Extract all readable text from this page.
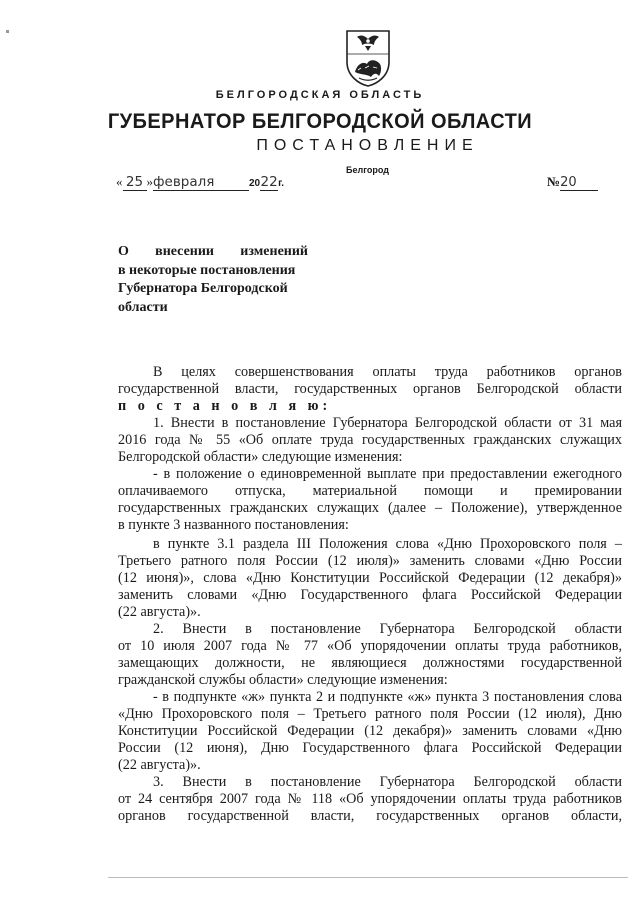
БЕЛГОРОДСКАЯ ОБЛАСТЬ
ГУБЕРНАТОР БЕЛГОРОДСКОЙ ОБЛАСТИ
ПОСТАНОВЛЕНИЕ
Белгород
« 25 »февраля	2022г.	№20
О внесении изменений
в некоторые постановления
Губернатора Белгородской
области
В целях совершенствования оплаты труда работников органов
государственной власти, государственных органов Белгородской области
п о с т а н о в л я ю:
1. Внести в постановление Губернатора Белгородской области от 31 мая
2016 года № 55 «Об оплате труда государственных гражданских служащих
Белгородской области» следующие изменения:
- в положение о единовременной выплате при предоставлении ежегодного
оплачиваемого отпуска, материальной помощи и премировании
государственных гражданских служащих (далее – Положение), утвержденное
в пункте 3 названного постановления:
в пункте 3.1 раздела III Положения слова «Дню Прохоровского поля –
Третьего ратного поля России (12 июля)» заменить словами «Дню России
(12 июня)», слова «Дню Конституции Российской Федерации (12 декабря)»
заменить словами «Дню Государственного флага Российской Федерации
(22 августа)».
2. Внести в постановление Губернатора Белгородской области
от 10 июля 2007 года № 77 «Об упорядочении оплаты труда работников,
замещающих должности, не являющиеся должностями государственной
гражданской службы области» следующие изменения:
- в подпункте «ж» пункта 2 и подпункте «ж» пункта 3 постановления слова
«Дню Прохоровского поля – Третьего ратного поля России (12 июля), Дню
Конституции Российской Федерации (12 декабря)» заменить словами «Дню
России (12 июня), Дню Государственного флага Российской Федерации
(22 августа)».
3. Внести в постановление Губернатора Белгородской области
от 24 сентября 2007 года № 118 «Об упорядочении оплаты труда работников
органов государственной власти, государственных органов области,
